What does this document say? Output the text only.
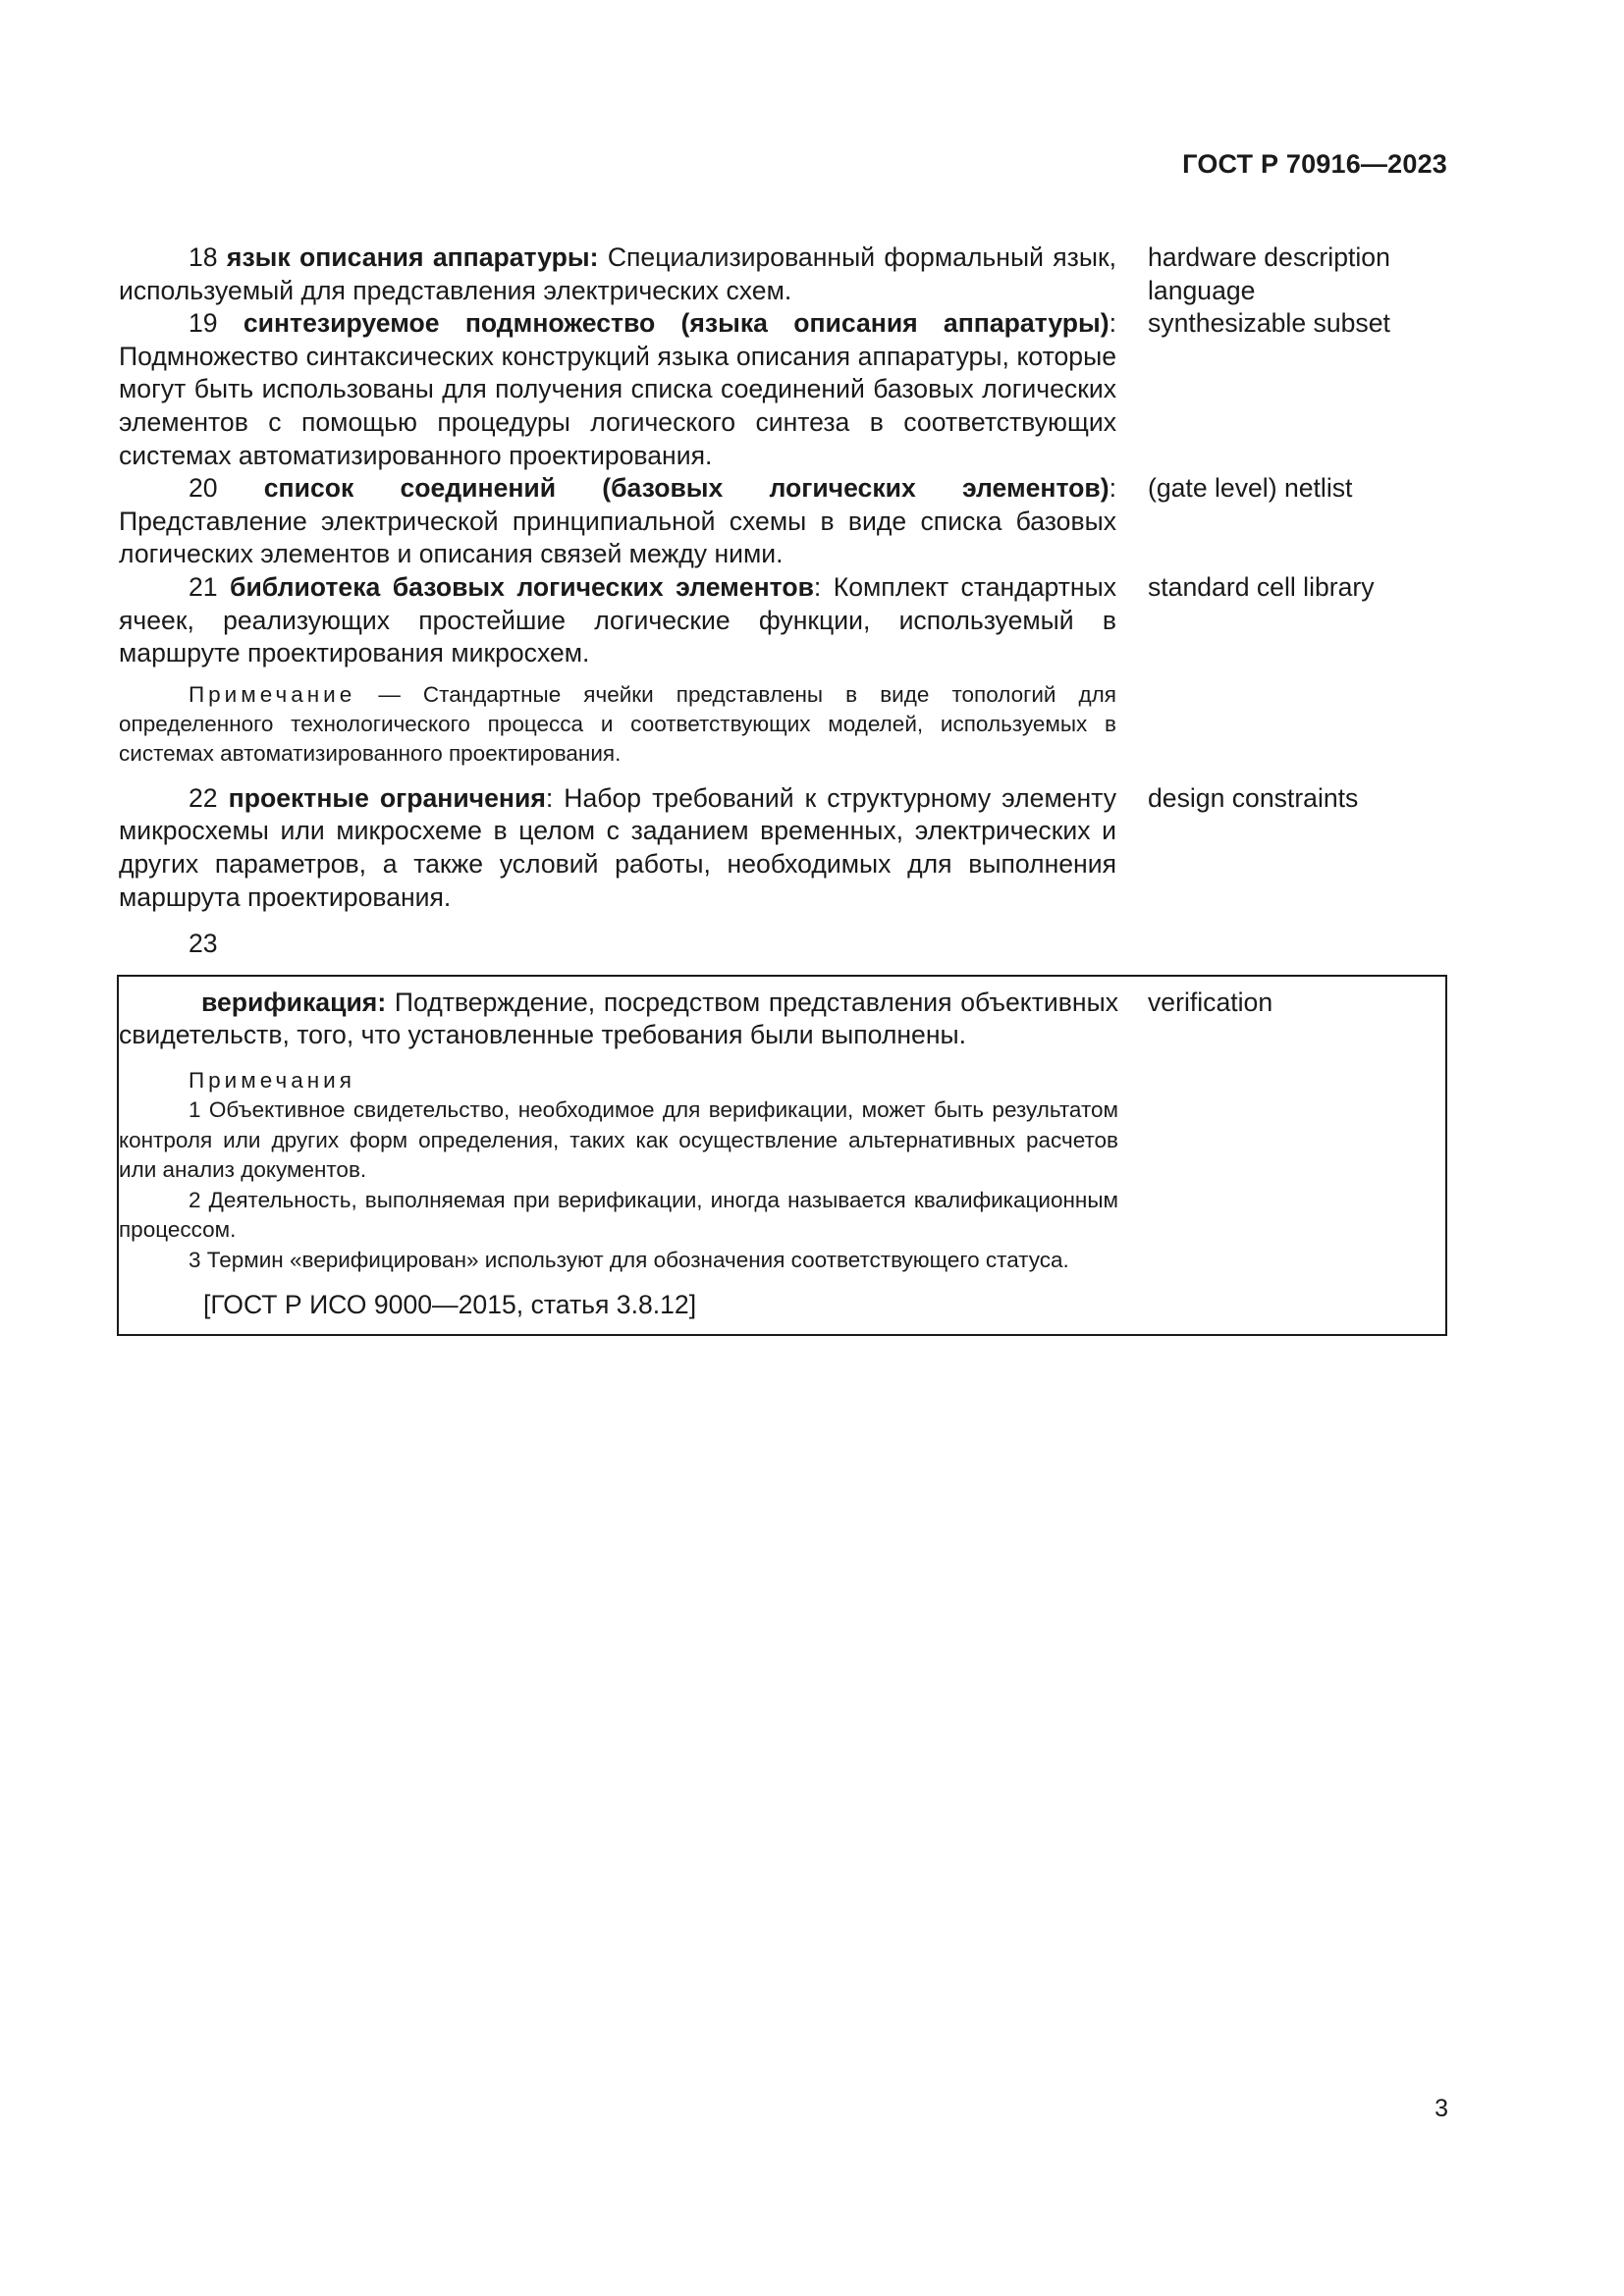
ГОСТ Р 70916—2023
18 язык описания аппаратуры: Специализированный формальный язык, используемый для представления электрических схем.
hardware description
language
19 синтезируемое подмножество (языка описания аппаратуры): Подмножество синтаксических конструкций языка описания аппаратуры, которые могут быть использованы для получения списка соединений базовых логических элементов с помощью процедуры логического синтеза в соответствующих системах автоматизированного проектирования.
synthesizable subset
20 список соединений (базовых логических элементов): Представление электрической принципиальной схемы в виде списка базовых логических элементов и описания связей между ними.
(gate level) netlist
21 библиотека базовых логических элементов: Комплект стандартных ячеек, реализующих простейшие логические функции, используемый в маршруте проектирования микросхем.
standard cell library
Примечание — Стандартные ячейки представлены в виде топологий для определенного технологического процесса и соответствующих моделей, используемых в системах автоматизированного проектирования.
22 проектные ограничения: Набор требований к структурному элементу микросхемы или микросхеме в целом с заданием временных, электрических и других параметров, а также условий работы, необходимых для выполнения маршрута проектирования.
design constraints
23
верификация: Подтверждение, посредством представления объективных свидетельств, того, что установленные требования были выполнены.
Примечания
1 Объективное свидетельство, необходимое для верификации, может быть результатом контроля или других форм определения, таких как осуществление альтернативных расчетов или анализ документов.
2 Деятельность, выполняемая при верификации, иногда называется квалификационным процессом.
3 Термин «верифицирован» используют для обозначения соответствующего статуса.
[ГОСТ Р ИСО 9000—2015, статья 3.8.12]
verification
3
